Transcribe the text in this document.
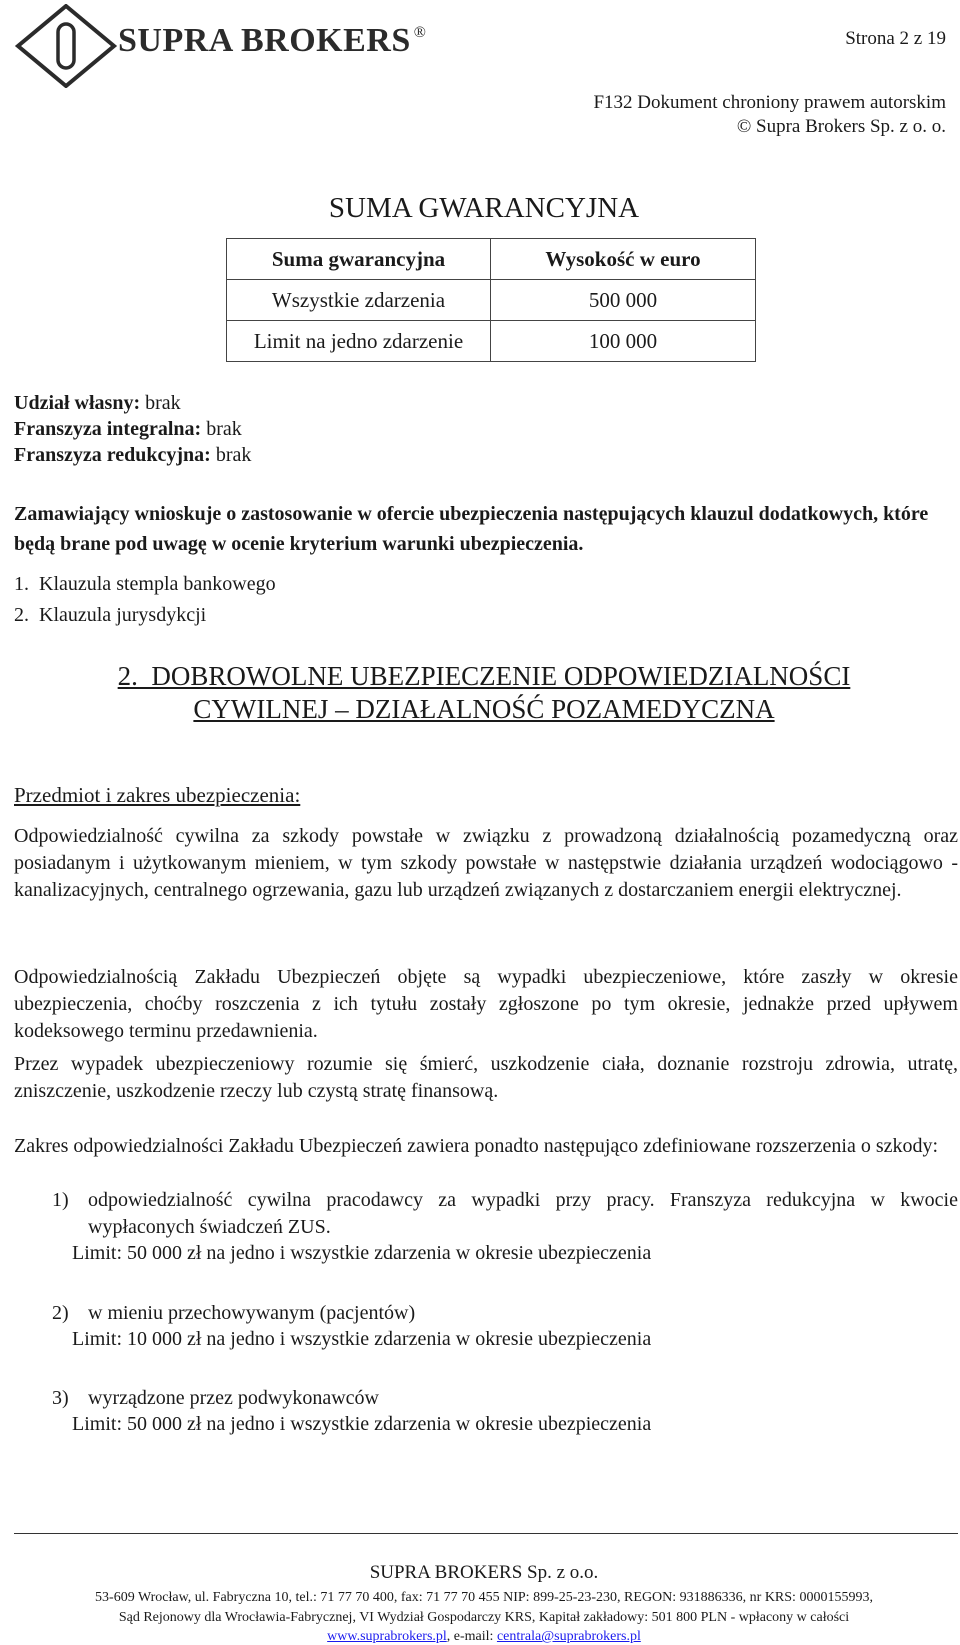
SUPRA BROKERS ®	Strona 2 z 19
F132 Dokument chroniony prawem autorskim
© Supra Brokers Sp. z o. o.
SUMA GWARANCYJNA
Suma gwarancyjna	Wysokość w euro
Wszystkie zdarzenia	500 000
Limit na jedno zdarzenie	100 000
Udział własny: brak
Franszyza integralna: brak
Franszyza redukcyjna: brak
Zamawiający wnioskuje o zastosowanie w ofercie ubezpieczenia następujących klauzul dodatkowych, które będą brane pod uwagę w ocenie kryterium warunki ubezpieczenia.
1.  Klauzula stempla bankowego
2.  Klauzula jurysdykcji
2.  DOBROWOLNE UBEZPIECZENIE ODPOWIEDZIALNOŚCI
CYWILNEJ – DZIAŁALNOŚĆ POZAMEDYCZNA
Przedmiot i zakres ubezpieczenia:
Odpowiedzialność cywilna za szkody powstałe w związku z prowadzoną działalnością pozamedyczną oraz posiadanym i użytkowanym mieniem, w tym szkody powstałe w następstwie działania urządzeń wodociągowo - kanalizacyjnych, centralnego ogrzewania, gazu lub urządzeń związanych z dostarczaniem energii elektrycznej.
Odpowiedzialnością Zakładu Ubezpieczeń objęte są wypadki ubezpieczeniowe, które zaszły w okresie ubezpieczenia, choćby roszczenia z ich tytułu zostały zgłoszone po tym okresie, jednakże przed upływem kodeksowego terminu przedawnienia.
Przez wypadek ubezpieczeniowy rozumie się śmierć, uszkodzenie ciała, doznanie rozstroju zdrowia, utratę, zniszczenie, uszkodzenie rzeczy lub czystą stratę finansową.
Zakres odpowiedzialności Zakładu Ubezpieczeń zawiera ponadto następująco zdefiniowane rozszerzenia o szkody:
1) odpowiedzialność cywilna pracodawcy za wypadki przy pracy. Franszyza redukcyjna w kwocie wypłaconych świadczeń ZUS.
Limit: 50 000 zł na jedno i wszystkie zdarzenia w okresie ubezpieczenia
2) w mieniu przechowywanym (pacjentów)
Limit: 10 000 zł na jedno i wszystkie zdarzenia w okresie ubezpieczenia
3) wyrządzone przez podwykonawców
Limit: 50 000 zł na jedno i wszystkie zdarzenia w okresie ubezpieczenia
SUPRA BROKERS Sp. z o.o.
53-609 Wrocław, ul. Fabryczna 10, tel.: 71 77 70 400, fax: 71 77 70 455 NIP: 899-25-23-230, REGON: 931886336, nr KRS: 0000155993,
Sąd Rejonowy dla Wrocławia-Fabrycznej, VI Wydział Gospodarczy KRS, Kapitał zakładowy: 501 800 PLN - wpłacony w całości
www.suprabrokers.pl, e-mail: centrala@suprabrokers.pl
